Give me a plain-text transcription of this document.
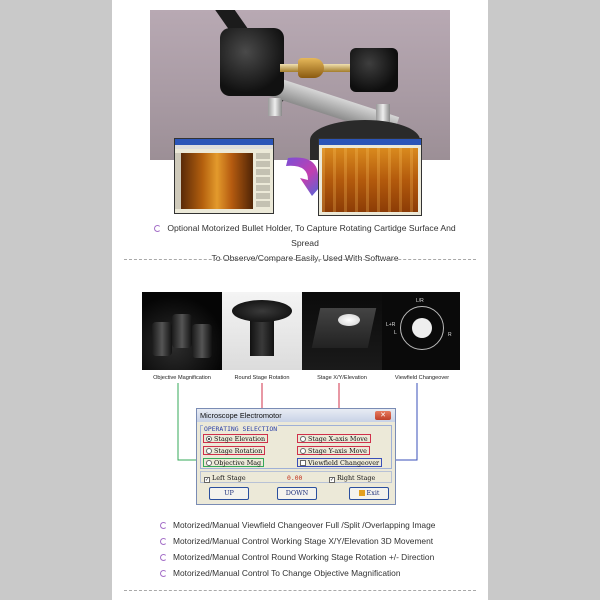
Optional Motorized Bullet Holder, To Capture Rotating Cartidge Surface And Spread
To Observe/Compare Easily, Used With Software
L/R
L+R
L	R
Objective Magnification	Round Stage Rotation	Stage X/Y/Elevation	Viewfield Changeover
Microscope Electromotor	✕
OPERATING SELECTION
Stage Elevation	Stage X-axis Move
Stage Rotation	Stage Y-axis Move
Objective Mag	Viewfield Changeover
✓ Left Stage	0.00	✓ Right Stage
UP	DOWN	Exit
Motorized/Manual Viewfield Changeover Full /Split /Overlapping Image
Motorized/Manual Control Working Stage X/Y/Elevation 3D Movement
Motorized/Manual Control Round Working Stage Rotation +/- Direction
Motorized/Manual Control To Change Objective Magnification
